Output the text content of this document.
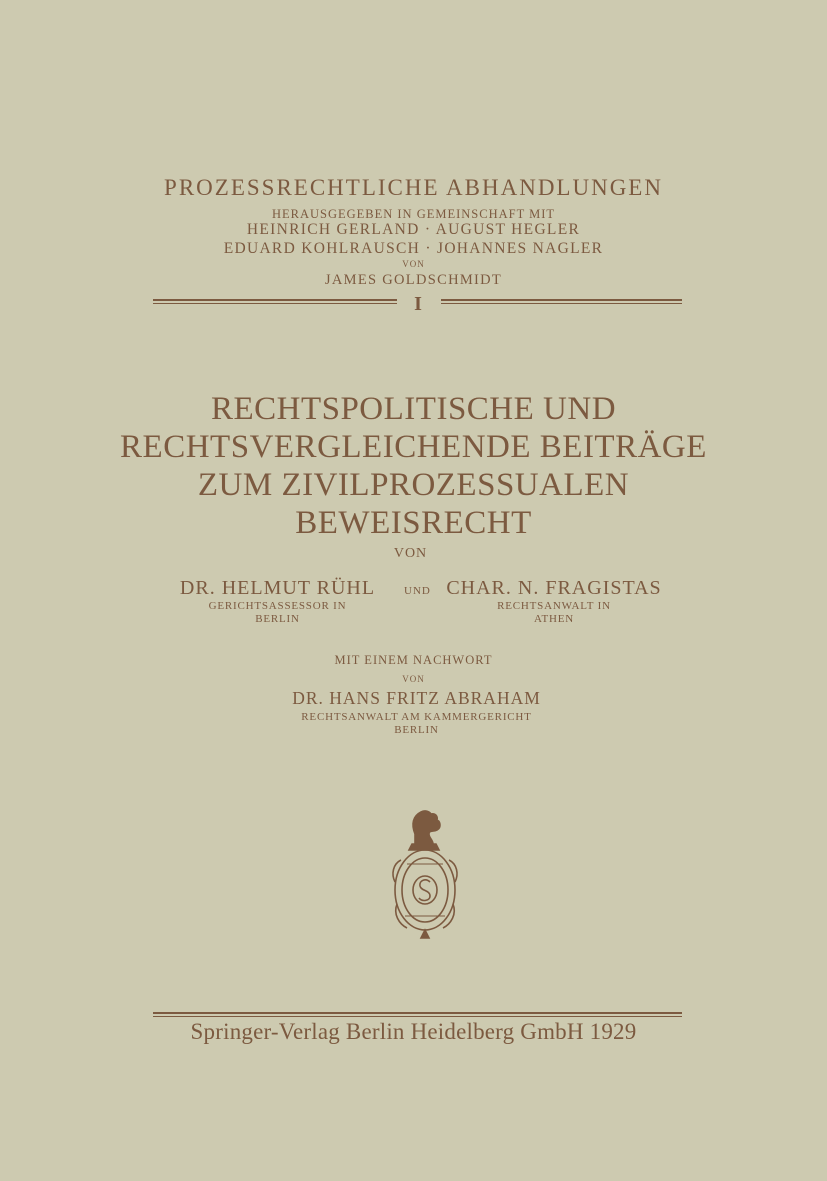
PROZESSRECHTLICHE ABHANDLUNGEN
HERAUSGEGEBEN IN GEMEINSCHAFT MIT
HEINRICH GERLAND · AUGUST HEGLER
EDUARD KOHLRAUSCH · JOHANNES NAGLER
VON
JAMES GOLDSCHMIDT
I
RECHTSPOLITISCHE UND
RECHTSVERGLEICHENDE BEITRÄGE
ZUM ZIVILPROZESSUALEN
BEWEISRECHT
VON
DR. HELMUT RÜHL
GERICHTSASSESSOR IN
BERLIN
UND CHAR. N. FRAGISTAS
RECHTSANWALT IN
ATHEN
MIT EINEM NACHWORT
VON
DR. HANS FRITZ ABRAHAM
RECHTSANWALT AM KAMMERGERICHT
BERLIN
Springer-Verlag Berlin Heidelberg GmbH 1929
